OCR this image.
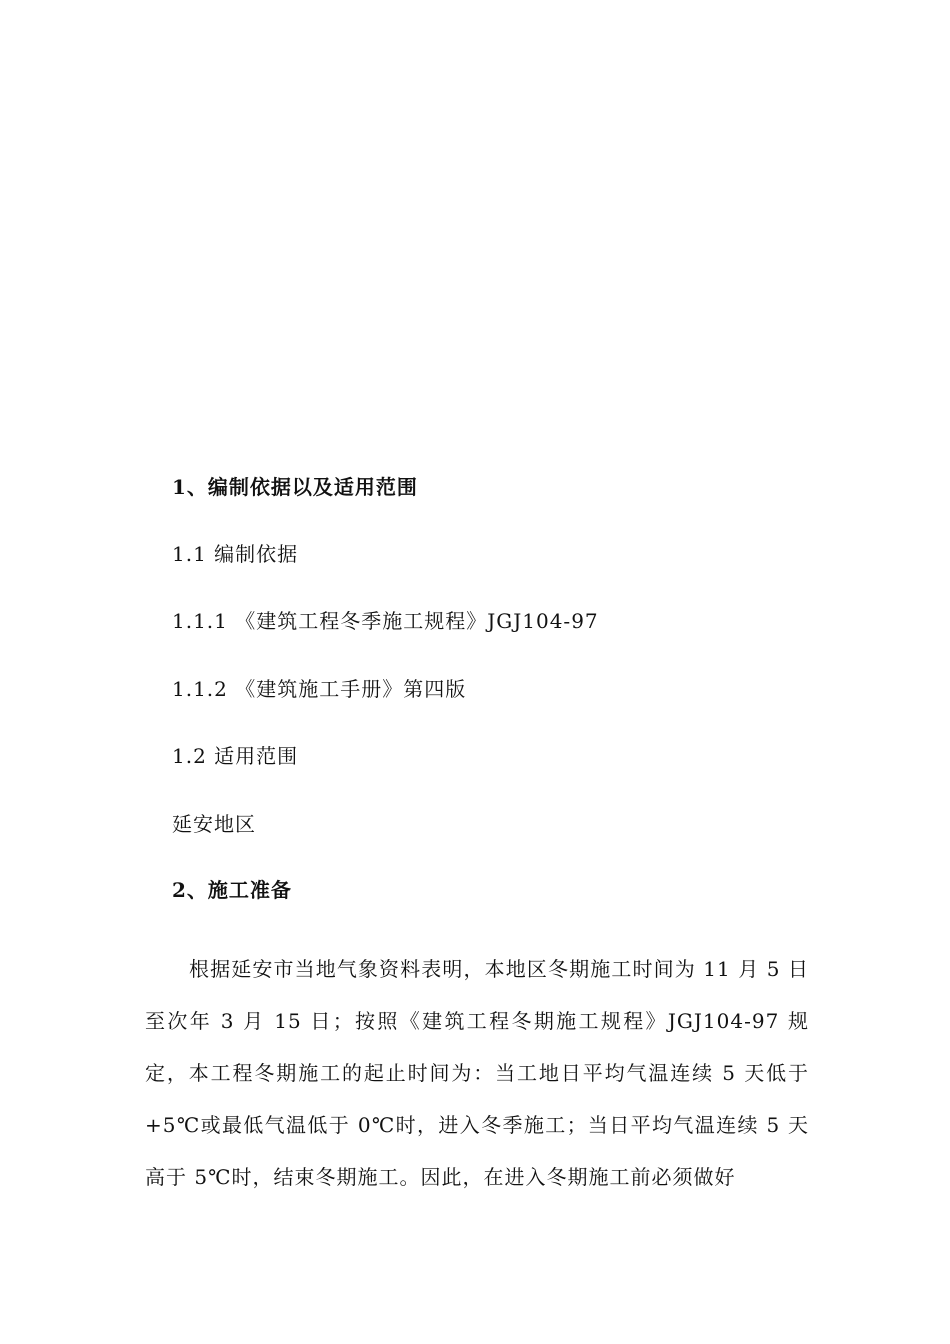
1、编制依据以及适用范围
1.1 编制依据
1.1.1 《建筑工程冬季施工规程》JGJ104-97
1.1.2 《建筑施工手册》第四版
1.2 适用范围
延安地区
2、施工准备
根据延安市当地气象资料表明，本地区冬期施工时间为 11 月 5 日至次年 3 月 15 日；按照《建筑工程冬期施工规程》JGJ104-97 规定，本工程冬期施工的起止时间为：当工地日平均气温连续 5 天低于+5℃或最低气温低于 0℃时，进入冬季施工；当日平均气温连续 5 天高于 5℃时，结束冬期施工。因此，在进入冬期施工前必须做好
